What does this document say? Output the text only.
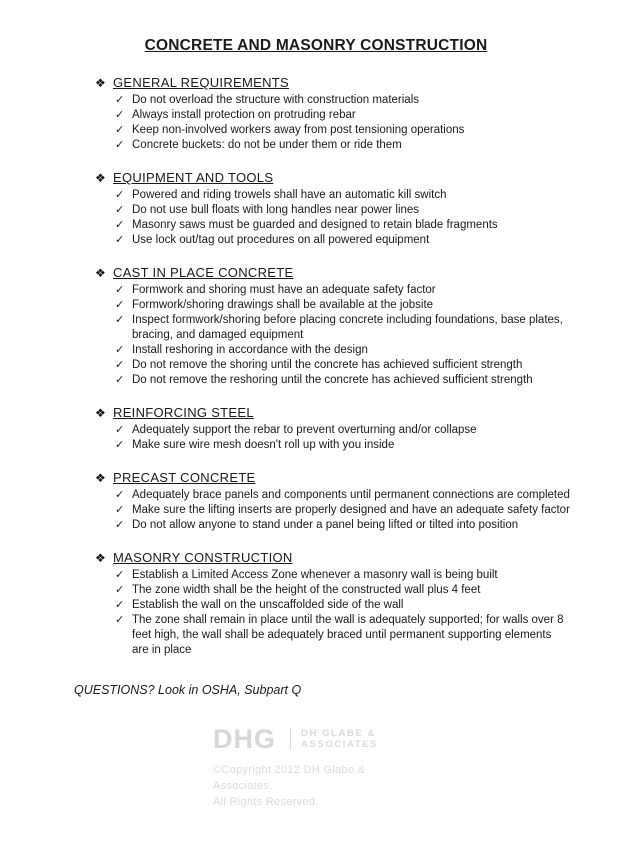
CONCRETE AND MASONRY CONSTRUCTION
❖ GENERAL REQUIREMENTS
✓ Do not overload the structure with construction materials
✓ Always install protection on protruding rebar
✓ Keep non-involved workers away from post tensioning operations
✓ Concrete buckets: do not be under them or ride them
❖ EQUIPMENT AND TOOLS
✓ Powered and riding trowels shall have an automatic kill switch
✓ Do not use bull floats with long handles near power lines
✓ Masonry saws must be guarded and designed to retain blade fragments
✓ Use lock out/tag out procedures on all powered equipment
❖ CAST IN PLACE CONCRETE
✓ Formwork and shoring must have an adequate safety factor
✓ Formwork/shoring drawings shall be available at the jobsite
✓ Inspect formwork/shoring before placing concrete including foundations, base plates, bracing, and damaged equipment
✓ Install reshoring in accordance with the design
✓ Do not remove the shoring until the concrete has achieved sufficient strength
✓ Do not remove the reshoring until the concrete has achieved sufficient strength
❖ REINFORCING STEEL
✓ Adequately support the rebar to prevent overturning and/or collapse
✓ Make sure wire mesh doesn't roll up with you inside
❖ PRECAST CONCRETE
✓ Adequately brace panels and components until permanent connections are completed
✓ Make sure the lifting inserts are properly designed and have an adequate safety factor
✓ Do not allow anyone to stand under a panel being lifted or tilted into position
❖ MASONRY CONSTRUCTION
✓ Establish a Limited Access Zone whenever a masonry wall is being built
✓ The zone width shall be the height of the constructed wall plus 4 feet
✓ Establish the wall on the unscaffolded side of the wall
✓ The zone shall remain in place until the wall is adequately supported; for walls over 8 feet high, the wall shall be adequately braced until permanent supporting elements are in place
QUESTIONS? Look in OSHA, Subpart Q
DHG	DH GLABE &
ASSOCIATES
©Copyright 2012 DH Glabe & Associates.
All Rights Reserved.
